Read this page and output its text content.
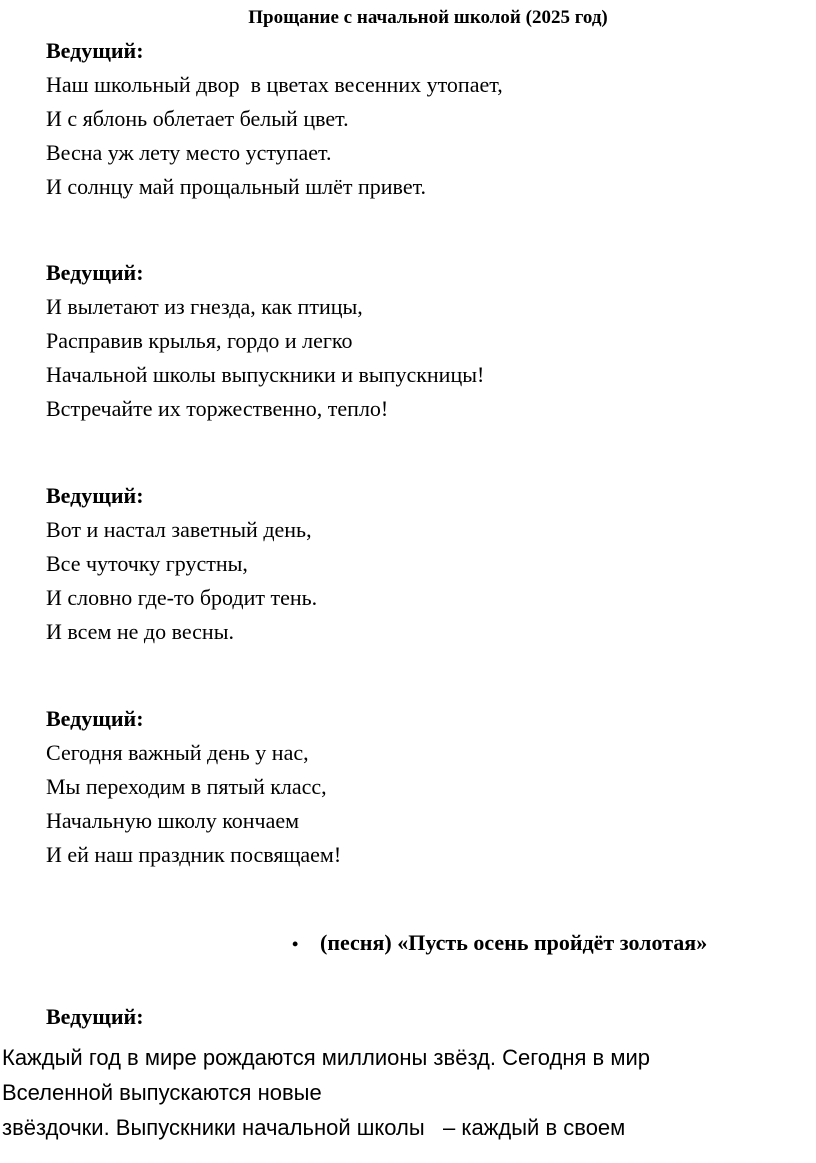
Прощание с начальной школой (2025 год)
Ведущий:
Наш школьный двор  в цветах весенних утопает,
И с яблонь облетает белый цвет.
Весна уж лету место уступает.
И солнцу май прощальный шлёт привет.
Ведущий:
И вылетают из гнезда, как птицы,
Расправив крылья, гордо и легко
Начальной школы выпускники и выпускницы!
Встречайте их торжественно, тепло!
Ведущий:
Вот и настал заветный день,
Все чуточку грустны,
И словно где-то бродит тень.
И всем не до весны.
Ведущий:
Сегодня важный день у нас,
Мы переходим в пятый класс,
Начальную школу кончаем
И ей наш праздник посвящаем!
• (песня) «Пусть осень пройдёт золотая»
Ведущий:
Каждый год в мире рождаются миллионы звёзд. Сегодня в мир
Вселенной выпускаются новые
звёздочки. Выпускники начальной школы   – каждый в своем
